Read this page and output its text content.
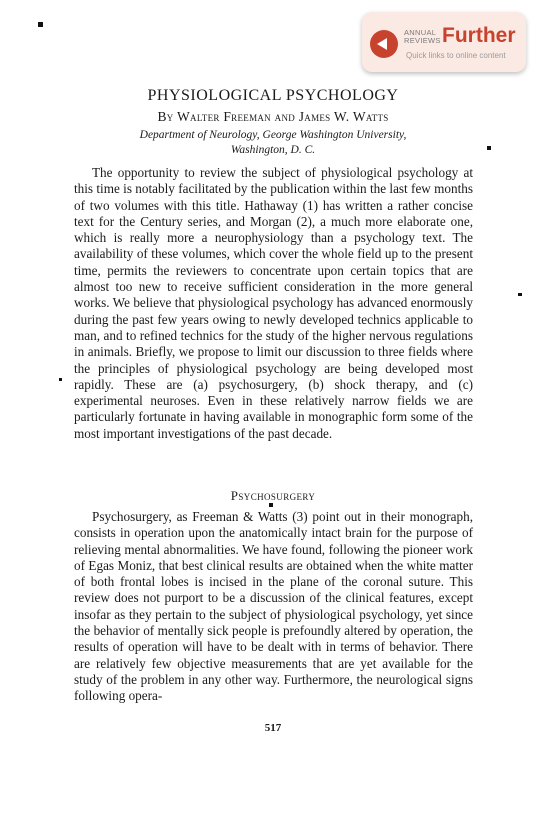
ANNUAL
REVIEWS Further
Quick links to online content
PHYSIOLOGICAL PSYCHOLOGY
By Walter Freeman and James W. Watts
Department of Neurology, George Washington University,
Washington, D. C.

The opportunity to review the subject of physiological psychology at this time is notably facilitated by the publication within the last few months of two volumes with this title. Hathaway (1) has written a rather concise text for the Century series, and Morgan (2), a much more elaborate one, which is really more a neurophysiology than a psychology text. The availability of these volumes, which cover the whole field up to the present time, permits the reviewers to concentrate upon certain topics that are almost too new to receive sufficient consideration in the more general works. We believe that physiological psychology has advanced enormously during the past few years owing to newly developed technics applicable to man, and to refined technics for the study of the higher nervous regulations in animals. Briefly, we propose to limit our discussion to three fields where the principles of physiological psychology are being developed most rapidly. These are (a) psychosurgery, (b) shock therapy, and (c) experimental neuroses. Even in these relatively narrow fields we are particularly fortunate in having available in monographic form some of the most important investigations of the past decade.

Psychosurgery

Psychosurgery, as Freeman & Watts (3) point out in their monograph, consists in operation upon the anatomically intact brain for the purpose of relieving mental abnormalities. We have found, following the pioneer work of Egas Moniz, that best clinical results are obtained when the white matter of both frontal lobes is incised in the plane of the coronal suture. This review does not purport to be a discussion of the clinical features, except insofar as they pertain to the subject of physiological psychology, yet since the behavior of mentally sick people is prefoundly altered by operation, the results of operation will have to be dealt with in terms of behavior. There are relatively few objective measurements that are yet available for the study of the problem in any other way. Furthermore, the neurological signs following opera-

517
